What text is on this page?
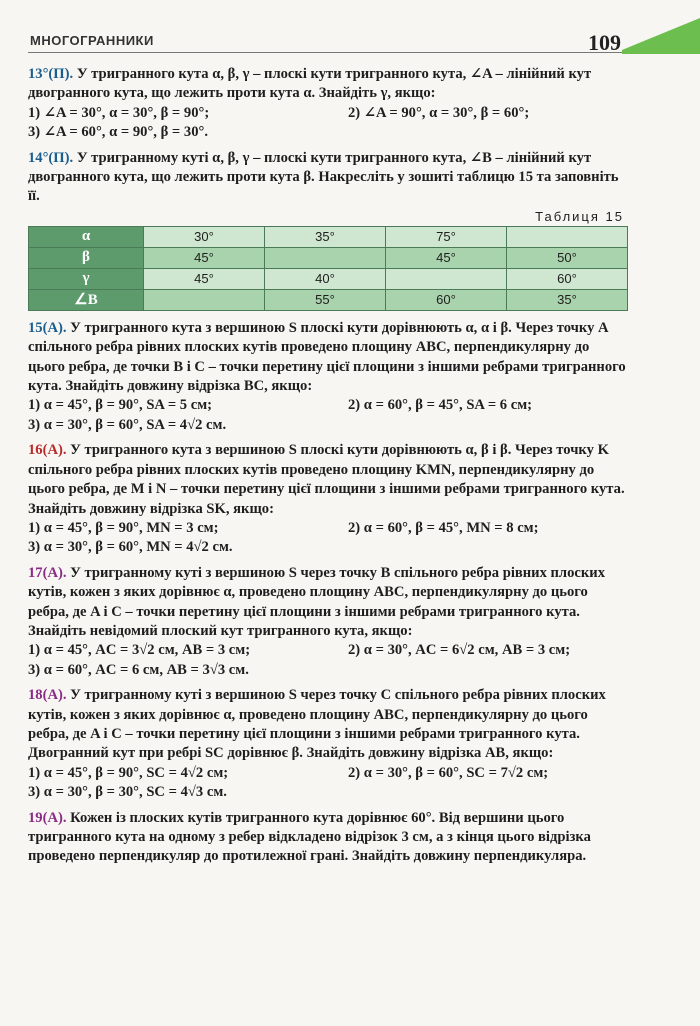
МНОГОГРАННИКИ	109
13°(П). У тригранного кута α, β, γ – плоскі кути тригранного кута, ∠A – лінійний кут двогранного кута, що лежить проти кута α. Знайдіть γ, якщо:
1) ∠A = 30°, α = 30°, β = 90°;	2) ∠A = 90°, α = 30°, β = 60°;
3) ∠A = 60°, α = 90°, β = 30°.
14°(П). У тригранному куті α, β, γ – плоскі кути тригранного кута, ∠B – лінійний кут двогранного кута, що лежить проти кута β. Накресліть у зошиті таблицю 15 та заповніть її.
Таблиця 15
α	30°	35°	75°	
β	45°		45°	50°
γ	45°	40°		60°
∠B		55°	60°	35°
15(А). У тригранного кута з вершиною S плоскі кути дорівнюють α, α і β. Через точку A спільного ребра рівних плоских кутів проведено площину ABC, перпендикулярну до цього ребра, де точки B і C – точки перетину цієї площини з іншими ребрами тригранного кута. Знайдіть довжину відрізка BC, якщо:
1) α = 45°, β = 90°, SA = 5 см;	2) α = 60°, β = 45°, SA = 6 см;
3) α = 30°, β = 60°, SA = 4√2 см.
16(А). У тригранного кута з вершиною S плоскі кути дорівнюють α, β і β. Через точку K спільного ребра рівних плоских кутів проведено площину KMN, перпендикулярну до цього ребра, де M і N – точки перетину цієї площини з іншими ребрами тригранного кута. Знайдіть довжину відрізка SK, якщо:
1) α = 45°, β = 90°, MN = 3 см;	2) α = 60°, β = 45°, MN = 8 см;
3) α = 30°, β = 60°, MN = 4√2 см.
17(А). У тригранному куті з вершиною S через точку B спільного ребра рівних плоских кутів, кожен з яких дорівнює α, проведено площину ABC, перпендикулярну до цього ребра, де A і C – точки перетину цієї площини з іншими ребрами тригранного кута. Знайдіть невідомий плоский кут тригранного кута, якщо:
1) α = 45°, AC = 3√2 см, AB = 3 см;	2) α = 30°, AC = 6√2 см, AB = 3 см;
3) α = 60°, AC = 6 см, AB = 3√3 см.
18(А). У тригранному куті з вершиною S через точку C спільного ребра рівних плоских кутів, кожен з яких дорівнює α, проведено площину ABC, перпендикулярну до цього ребра, де A і C – точки перетину цієї площини з іншими ребрами тригранного кута. Двогранний кут при ребрі SC дорівнює β. Знайдіть довжину відрізка AB, якщо:
1) α = 45°, β = 90°, SC = 4√2 см;	2) α = 30°, β = 60°, SC = 7√2 см;
3) α = 30°, β = 30°, SC = 4√3 см.
19(А). Кожен із плоских кутів тригранного кута дорівнює 60°. Від вершини цього тригранного кута на одному з ребер відкладено відрізок 3 см, а з кінця цього відрізка проведено перпендикуляр до протилежної грані. Знайдіть довжину перпендикуляра.
